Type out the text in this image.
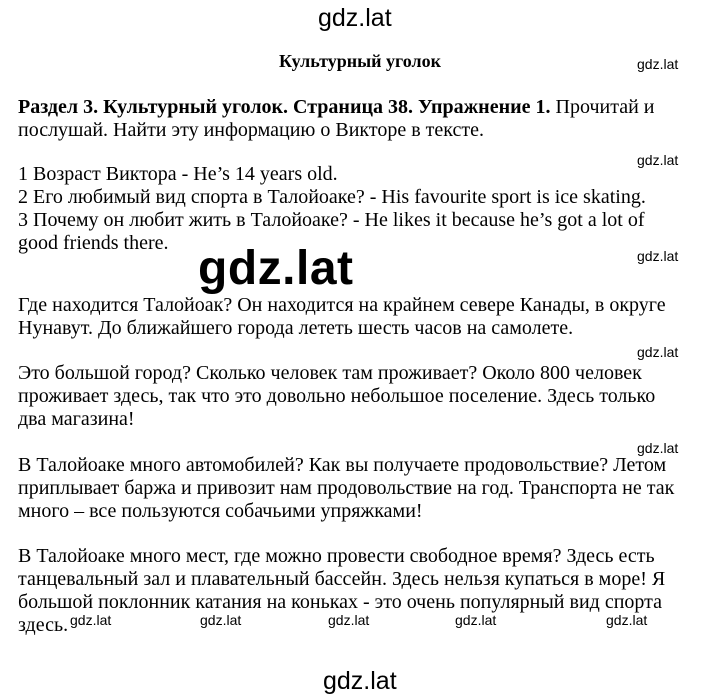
gdz.lat
gdz.lat
gdz.lat
gdz.lat
gdz.lat
gdz.lat
gdz.lat
gdz.lat	gdz.lat	gdz.lat	gdz.lat	gdz.lat
gdz.lat
Культурный уголок
Раздел 3. Культурный уголок. Страница 38. Упражнение 1. Прочитай и
послушай. Найти эту информацию о Викторе в тексте.
1 Возраст Виктора - He’s 14 years old.
2 Его любимый вид спорта в Талойоаке? - His favourite sport is ice skating.
3 Почему он любит жить в Талойоаке? - He likes it because he’s got a lot of
good friends there.
Где находится Талойоак? Он находится на крайнем севере Канады, в округе
Нунавут. До ближайшего города лететь шесть часов на самолете.
Это большой город? Сколько человек там проживает? Около 800 человек
проживает здесь, так что это довольно небольшое поселение. Здесь только
два магазина!
В Талойоаке много автомобилей? Как вы получаете продовольствие? Летом
приплывает баржа и привозит нам продовольствие на год. Транспорта не так
много – все пользуются собачьими упряжками!
В Талойоаке много мест, где можно провести свободное время? Здесь есть
танцевальный зал и плавательный бассейн. Здесь нельзя купаться в море! Я
большой поклонник катания на коньках - это очень популярный вид спорта
здесь.
